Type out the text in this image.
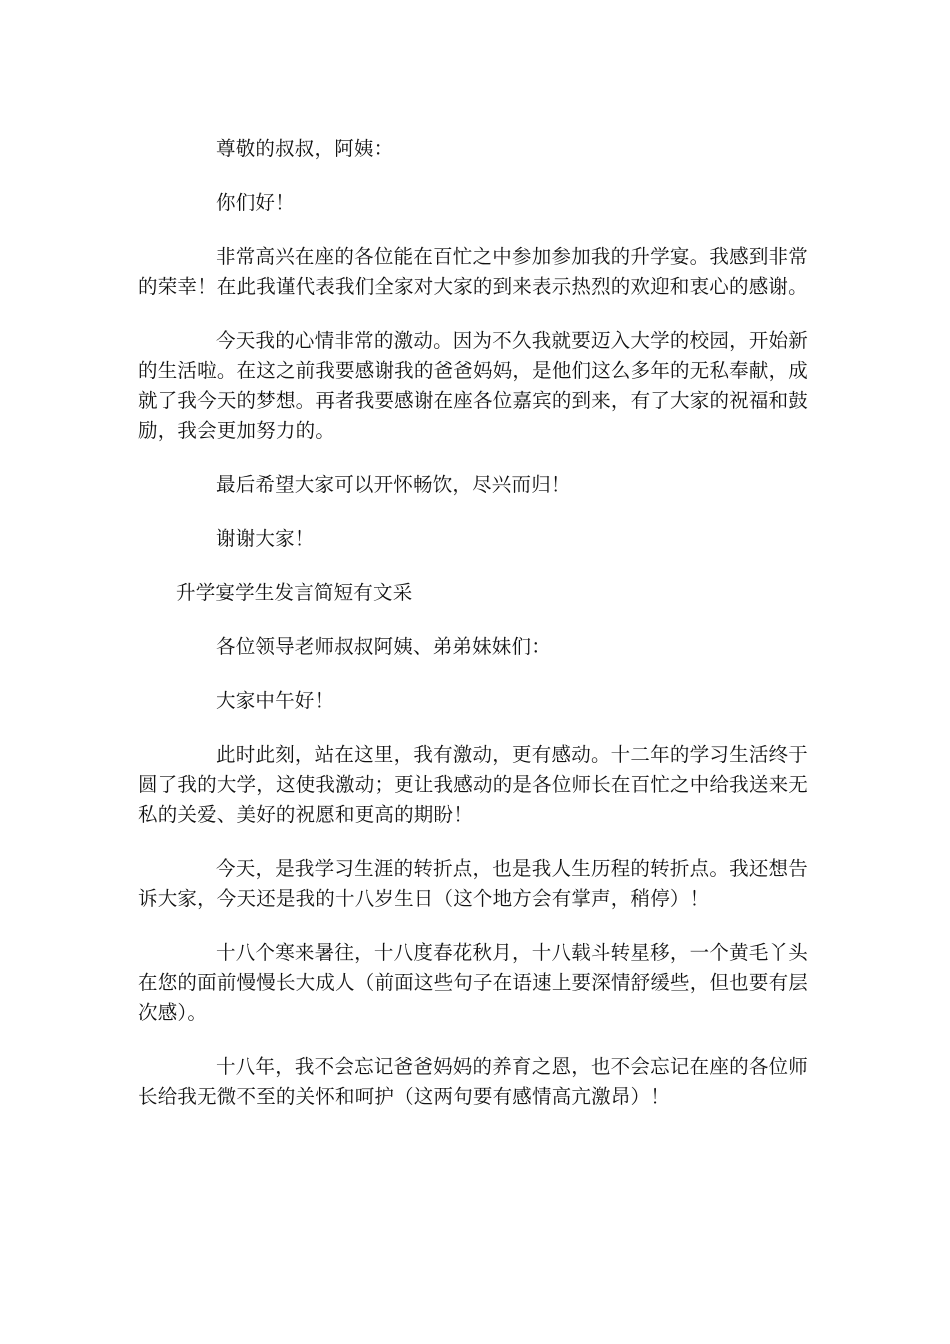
尊敬的叔叔，阿姨：

你们好！

非常高兴在座的各位能在百忙之中参加参加我的升学宴。我感到非常的荣幸！在此我谨代表我们全家对大家的到来表示热烈的欢迎和衷心的感谢。

今天我的心情非常的激动。因为不久我就要迈入大学的校园，开始新的生活啦。在这之前我要感谢我的爸爸妈妈，是他们这么多年的无私奉献，成就了我今天的梦想。再者我要感谢在座各位嘉宾的到来，有了大家的祝福和鼓励，我会更加努力的。

最后希望大家可以开怀畅饮，尽兴而归！

谢谢大家！

升学宴学生发言简短有文采

各位领导老师叔叔阿姨、弟弟妹妹们：

大家中午好！

此时此刻，站在这里，我有激动，更有感动。十二年的学习生活终于圆了我的大学，这使我激动；更让我感动的是各位师长在百忙之中给我送来无私的关爱、美好的祝愿和更高的期盼！

今天，是我学习生涯的转折点，也是我人生历程的转折点。我还想告诉大家，今天还是我的十八岁生日（这个地方会有掌声，稍停）！

十八个寒来暑往，十八度春花秋月，十八载斗转星移，一个黄毛丫头在您的面前慢慢长大成人（前面这些句子在语速上要深情舒缓些，但也要有层次感）。

十八年，我不会忘记爸爸妈妈的养育之恩，也不会忘记在座的各位师长给我无微不至的关怀和呵护（这两句要有感情高亢激昂）！
